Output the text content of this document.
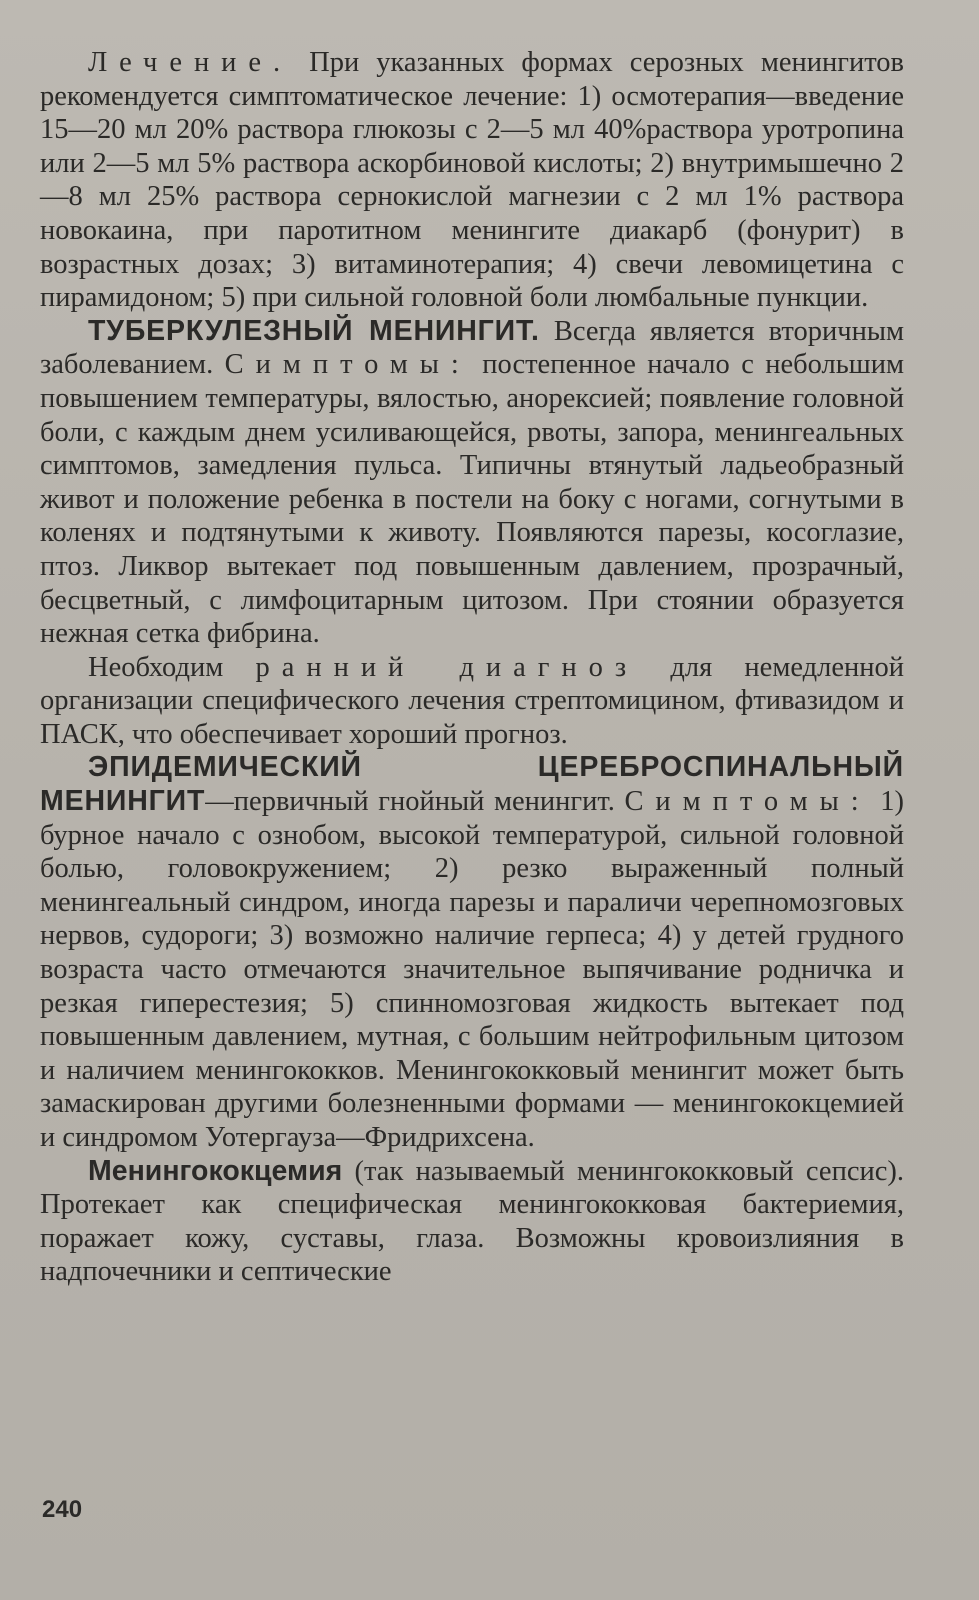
Лечение. При указанных формах серозных менингитов рекомендуется симптоматическое лечение: 1) осмотерапия—введение 15—20 мл 20% раствора глюкозы с 2—5 мл 40%раствора уротропина или 2—5 мл 5% раствора аскорбиновой кислоты; 2) внутримышечно 2—8 мл 25% раствора сернокислой магнезии с 2 мл 1% раствора новокаина, при паротитном менингите диакарб (фонурит) в возрастных дозах; 3) витаминотерапия; 4) свечи левомицетина с пирамидоном; 5) при сильной головной боли люмбальные пункции.

ТУБЕРКУЛЕЗНЫЙ МЕНИНГИТ. Всегда является вторичным заболеванием. Симптомы: постепенное начало с небольшим повышением температуры, вялостью, анорексией; появление головной боли, с каждым днем усиливающейся, рвоты, запора, менингеальных симптомов, замедления пульса. Типичны втянутый ладьеобразный живот и положение ребенка в постели на боку с ногами, согнутыми в коленях и подтянутыми к животу. Появляются парезы, косоглазие, птоз. Ликвор вытекает под повышенным давлением, прозрачный, бесцветный, с лимфоцитарным цитозом. При стоянии образуется нежная сетка фибрина.

Необходим ранний диагноз для немедленной организации специфического лечения стрептомицином, фтивазидом и ПАСК, что обеспечивает хороший прогноз.

ЭПИДЕМИЧЕСКИЙ ЦЕРЕБРОСПИНАЛЬНЫЙ МЕНИНГИТ—первичный гнойный менингит. Симптомы: 1) бурное начало с ознобом, высокой температурой, сильной головной болью, головокружением; 2) резко выраженный полный менингеальный синдром, иногда парезы и параличи черепномозговых нервов, судороги; 3) возможно наличие герпеса; 4) у детей грудного возраста часто отмечаются значительное выпячивание родничка и резкая гиперестезия; 5) спинномозговая жидкость вытекает под повышенным давлением, мутная, с большим нейтрофильным цитозом и наличием менингококков. Менингококковый менингит может быть замаскирован другими болезненными формами — менингококцемией и синдромом Уотергауза—Фридрихсена.

Менингококцемия (так называемый менингококковый сепсис). Протекает как специфическая менингококковая бактериемия, поражает кожу, суставы, глаза. Возможны кровоизлияния в надпочечники и септические

240
